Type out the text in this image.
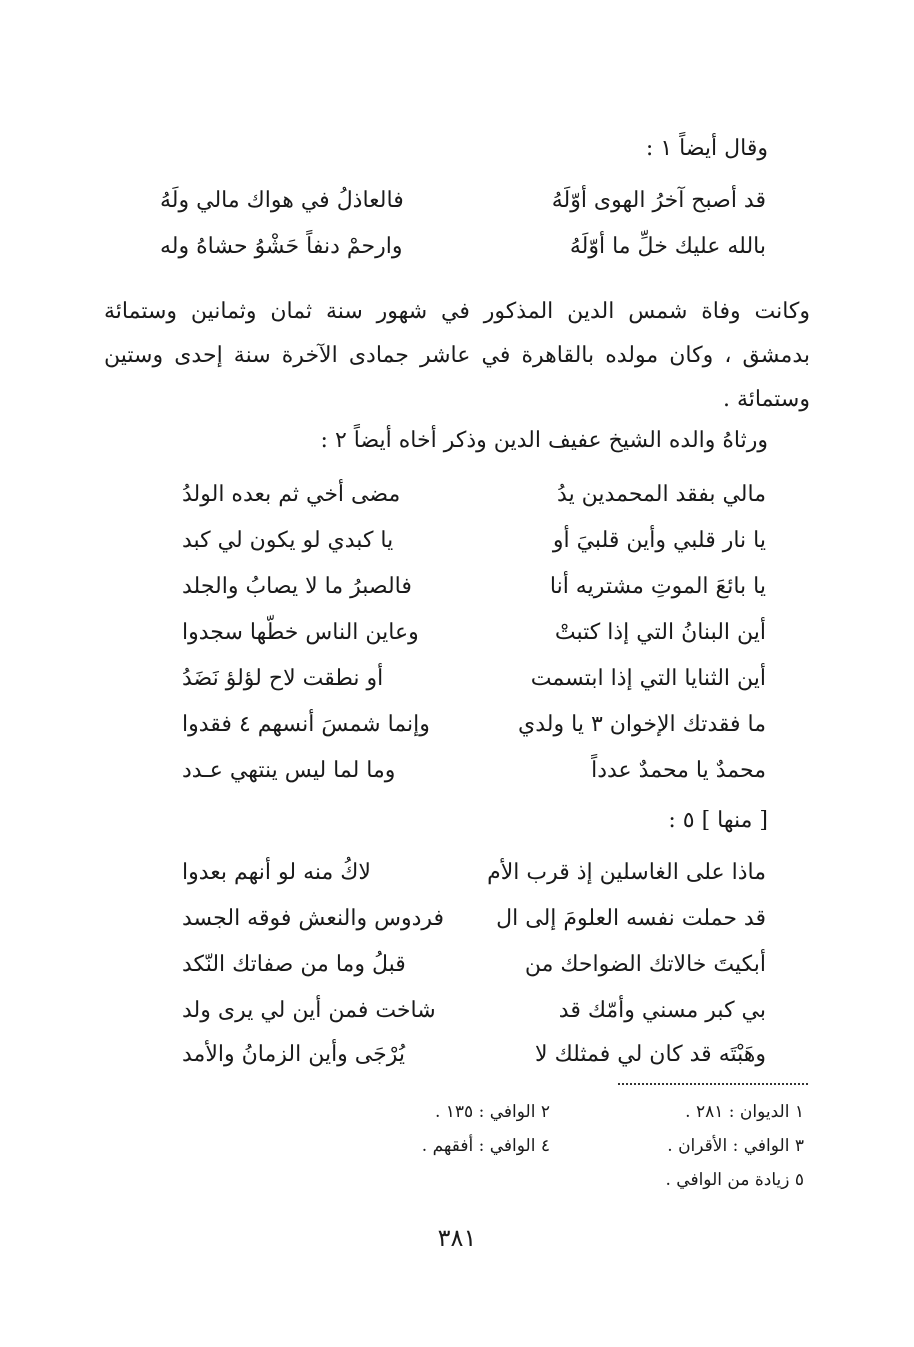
وقال أيضاً ١ :
قد أصبح آخرُ الهوى أوّلَهُ
فالعاذلُ في هواك مالي ولَهُ
بالله عليك خلِّ ما أوّلَهُ
وارحمْ دنفاً حَشْوُ حشاهُ وله
وكانت وفاة شمس الدين المذكور في شهور سنة ثمان وثمانين وستمائة بدمشق ، وكان مولده بالقاهرة في عاشر جمادى الآخرة سنة إحدى وستين وستمائة .
ورثاهُ والده الشيخ عفيف الدين وذكر أخاه أيضاً ٢ :
مالي بفقد المحمدين يدُ
مضى أخي ثم بعده الولدُ
يا نار قلبي وأين قلبيَ أو
يا كبدي لو يكون لي كبد
يا بائعَ الموتِ مشتريه أنا
فالصبرُ ما لا يصابُ والجلد
أين البنانُ التي إذا كتبتْ
وعاين الناس خطّها سجدوا
أين الثنايا التي إذا ابتسمت
أو نطقت لاح لؤلؤ نَضَدُ
ما فقدتك الإخوان ٣ يا ولدي
وإنما شمسَ أنسهم ٤ فقدوا
محمدٌ يا محمدٌ عدداً
وما لما ليس ينتهي عـدد
[ منها ] ٥ :
ماذا على الغاسلين إذ قرب الأم
لاكُ منه لو أنهم بعدوا
قد حملت نفسه العلومَ إلى ال
فردوس والنعش فوقه الجسد
أبكيتَ خالاتك الضواحك من
قبلُ وما من صفاتك النّكد
بي كبر مسني وأمّك قد
شاخت فمن أين لي يرى ولد
وهَبْتَه قد كان لي فمثلك لا
يُرْجَى وأين الزمانُ والأمد
١ الديوان : ٢٨١ .
٢ الوافي : ١٣٥ .
٣ الوافي : الأقران .
٤ الوافي : أفقهم .
٥ زيادة من الوافي .
٣٨١
